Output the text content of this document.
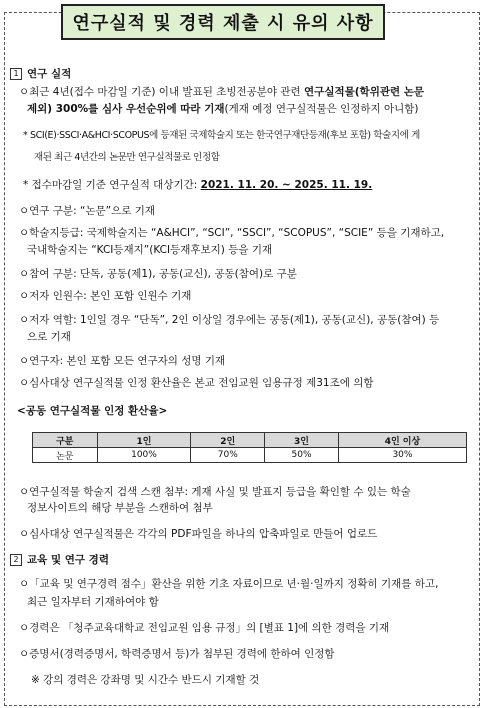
연구실적 및 경력 제출 시 유의 사항
1 연구 실적
ㅇ최근 4년(접수 마감일 기준) 이내 발표된 초빙전공분야 관련 연구실적물(학위관련 논문
제외) 300%를 심사 우선순위에 따라 기재(게재 예정 연구실적물은 인정하지 아니함)
* SCI(E)·SSCI·A&HCI·SCOPUS에 등재된 국제학술지 또는 한국연구재단등재(후보 포함) 학술지에 게
재된 최근 4년간의 논문만 연구실적물로 인정함
* 접수마감일 기준 연구실적 대상기간: 2021. 11. 20. ~ 2025. 11. 19.
ㅇ연구 구분: “논문”으로 기재
ㅇ학술지등급: 국제학술지는 “A&HCI”, “SCI”, “SSCI”, “SCOPUS”, “SCIE” 등을 기재하고,
국내학술지는 “KCI등재지”(KCI등재후보지) 등을 기재
ㅇ참여 구분: 단독, 공동(제1), 공동(교신), 공동(참여)로 구분
ㅇ저자 인원수: 본인 포함 인원수 기재
ㅇ저자 역할: 1인일 경우 “단독”, 2인 이상일 경우에는 공동(제1), 공동(교신), 공동(참여) 등
으로 기재
ㅇ연구자: 본인 포함 모든 연구자의 성명 기재
ㅇ심사대상 연구실적물 인정 환산율은 본교 전임교원 임용규정 제31조에 의함
<공동 연구실적물 인정 환산율>
구분	1인	2인	3인	4인 이상
논문	100%	70%	50%	30%
ㅇ연구실적물 학술지 검색 스캔 첨부: 게재 사실 및 발표지 등급을 확인할 수 있는 학술
정보사이트의 해당 부분을 스캔하여 첨부
ㅇ심사대상 연구실적물은 각각의 PDF파일을 하나의 압축파일로 만들어 업로드
2 교육 및 연구 경력
ㅇ「교육 및 연구경력 점수」환산을 위한 기초 자료이므로 년·월·일까지 정확히 기재를 하고,
최근 일자부터 기재하여야 함
ㅇ경력은 「청주교육대학교 전임교원 임용 규정」의 [별표 1]에 의한 경력을 기재
ㅇ증명서(경력증명서, 학력증명서 등)가 첨부된 경력에 한하여 인정함
※ 강의 경력은 강좌명 및 시간수 반드시 기재할 것
